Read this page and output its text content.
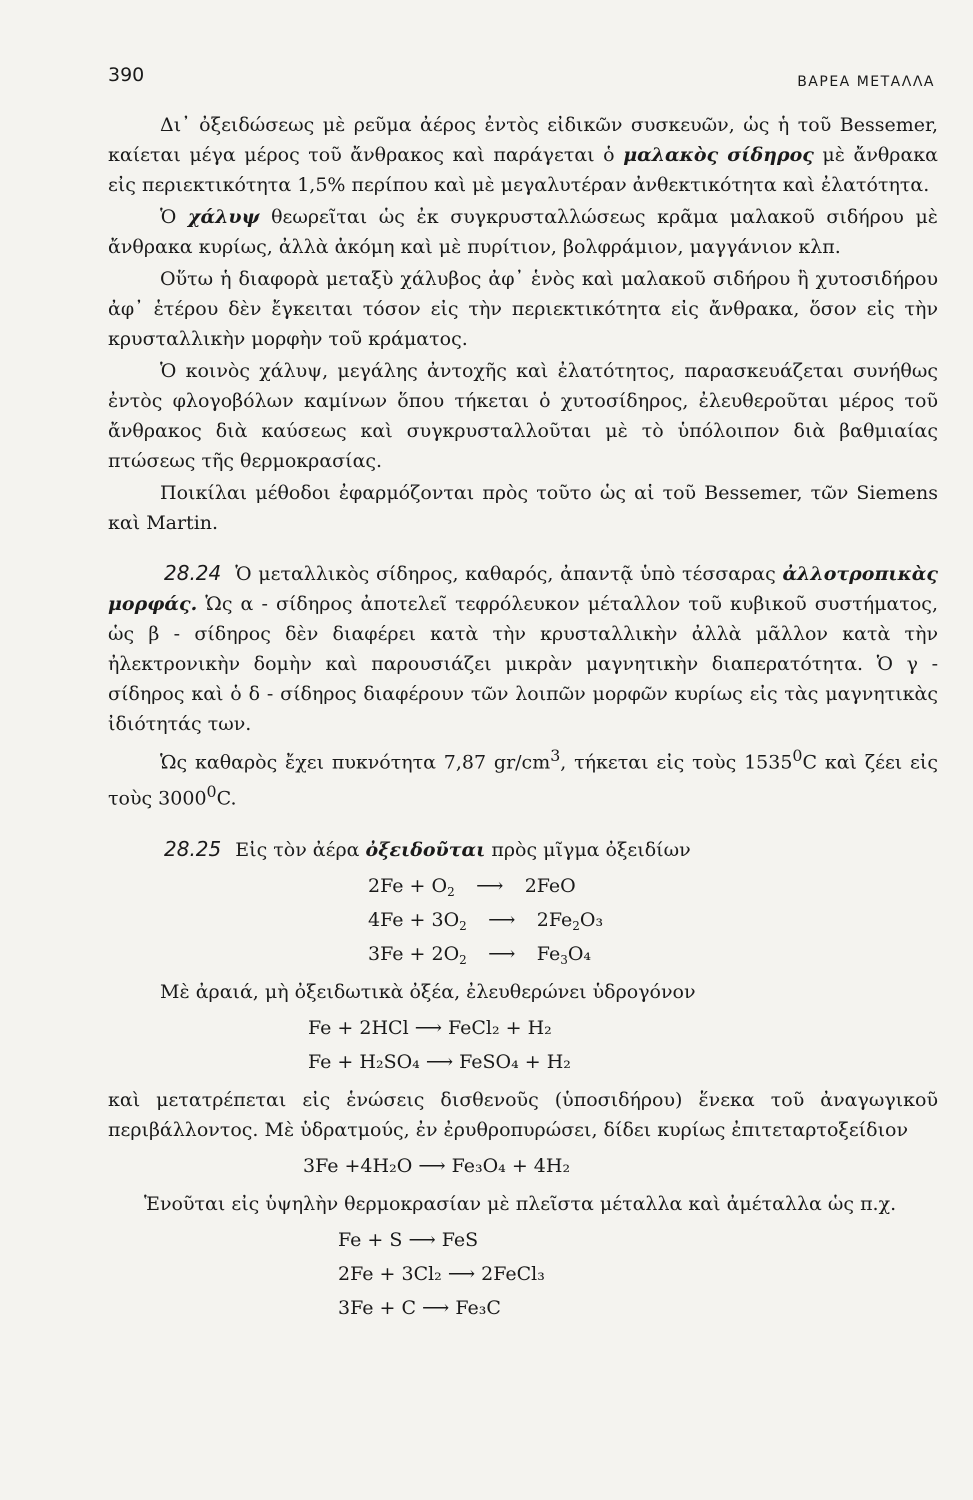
390	ΒΑΡΕΑ ΜΕΤΑΛΛΑ

Δι᾽ ὀξειδώσεως μὲ ρεῦμα ἀέρος ἐντὸς εἰδικῶν συσκευῶν, ὡς ἡ τοῦ Bessemer, καίεται μέγα μέρος τοῦ ἄνθρακος καὶ παράγεται ὁ μαλακὸς σίδηρος μὲ ἄνθρακα εἰς περιεκτικότητα 1,5% περίπου καὶ μὲ μεγαλυτέραν ἀνθεκτικότητα καὶ ἐλατότητα.

Ὁ χάλυψ θεωρεῖται ὡς ἐκ συγκρυσταλλώσεως κρᾶμα μαλακοῦ σιδήρου μὲ ἄνθρακα κυρίως, ἀλλὰ ἀκόμη καὶ μὲ πυρίτιον, βολφράμιον, μαγγάνιον κλπ.

Οὕτω ἡ διαφορὰ μεταξὺ χάλυβος ἀφ᾽ ἑνὸς καὶ μαλακοῦ σιδήρου ἢ χυτοσιδήρου ἀφ᾽ ἑτέρου δὲν ἔγκειται τόσον εἰς τὴν περιεκτικότητα εἰς ἄνθρακα, ὅσον εἰς τὴν κρυσταλλικὴν μορφὴν τοῦ κράματος.

Ὁ κοινὸς χάλυψ, μεγάλης ἀντοχῆς καὶ ἐλατότητος, παρασκευάζεται συνήθως ἐντὸς φλογοβόλων καμίνων ὅπου τήκεται ὁ χυτοσίδηρος, ἐλευθεροῦται μέρος τοῦ ἄνθρακος διὰ καύσεως καὶ συγκρυσταλλοῦται μὲ τὸ ὑπόλοιπον διὰ βαθμιαίας πτώσεως τῆς θερμοκρασίας.

Ποικίλαι μέθοδοι ἐφαρμόζονται πρὸς τοῦτο ὡς αἱ τοῦ Bessemer, τῶν Siemens καὶ Martin.

28.24 Ὁ μεταλλικὸς σίδηρος, καθαρός, ἀπαντᾷ ὑπὸ τέσσαρας ἀλλοτροπικὰς μορφάς. Ὡς α - σίδηρος ἀποτελεῖ τεφρόλευκον μέταλλον τοῦ κυβικοῦ συστήματος, ὡς β - σίδηρος δὲν διαφέρει κατὰ τὴν κρυσταλλικὴν ἀλλὰ μᾶλλον κατὰ τὴν ἠλεκτρονικὴν δομὴν καὶ παρουσιάζει μικρὰν μαγνητικὴν διαπερατότητα. Ὁ γ - σίδηρος καὶ ὁ δ - σίδηρος διαφέρουν τῶν λοιπῶν μορφῶν κυρίως εἰς τὰς μαγνητικὰς ἰδιότητάς των.

Ὡς καθαρὸς ἔχει πυκνότητα 7,87 $gr/cm^3$, τήκεται εἰς τοὺς 1535$^0$C καὶ ζέει εἰς τοὺς 3000$^0$C.

28.25 Εἰς τὸν ἀέρα ὀξειδοῦται πρὸς μῖγμα ὀξειδίων

$2Fe + O_2$ ⟶ 2FeO
$4Fe + 3O_2$ ⟶ $2Fe_2O_3$
$3Fe + 2O_2$ ⟶ $Fe_3O_4$

Μὲ ἀραιά, μὴ ὀξειδωτικὰ ὀξέα, ἐλευθερώνει ὑδρογόνον

Fe + 2HCl ⟶ FeCl₂ + H₂
Fe + H₂SO₄ ⟶ FeSO₄ + H₂

καὶ μετατρέπεται εἰς ἑνώσεις δισθενοῦς (ὑποσιδήρου) ἕνεκα τοῦ ἀναγωγικοῦ περιβάλλοντος. Μὲ ὑδρατμούς, ἐν ἐρυθροπυρώσει, δίδει κυρίως ἐπιτεταρτοξείδιον

3Fe +4H₂O ⟶ Fe₃O₄ + 4H₂

Ἑνοῦται εἰς ὑψηλὴν θερμοκρασίαν μὲ πλεῖστα μέταλλα καὶ ἀμέταλλα ὡς π.χ.

Fe + S ⟶ FeS
2Fe + 3Cl₂ ⟶ 2FeCl₃
3Fe + C ⟶ Fe₃C
